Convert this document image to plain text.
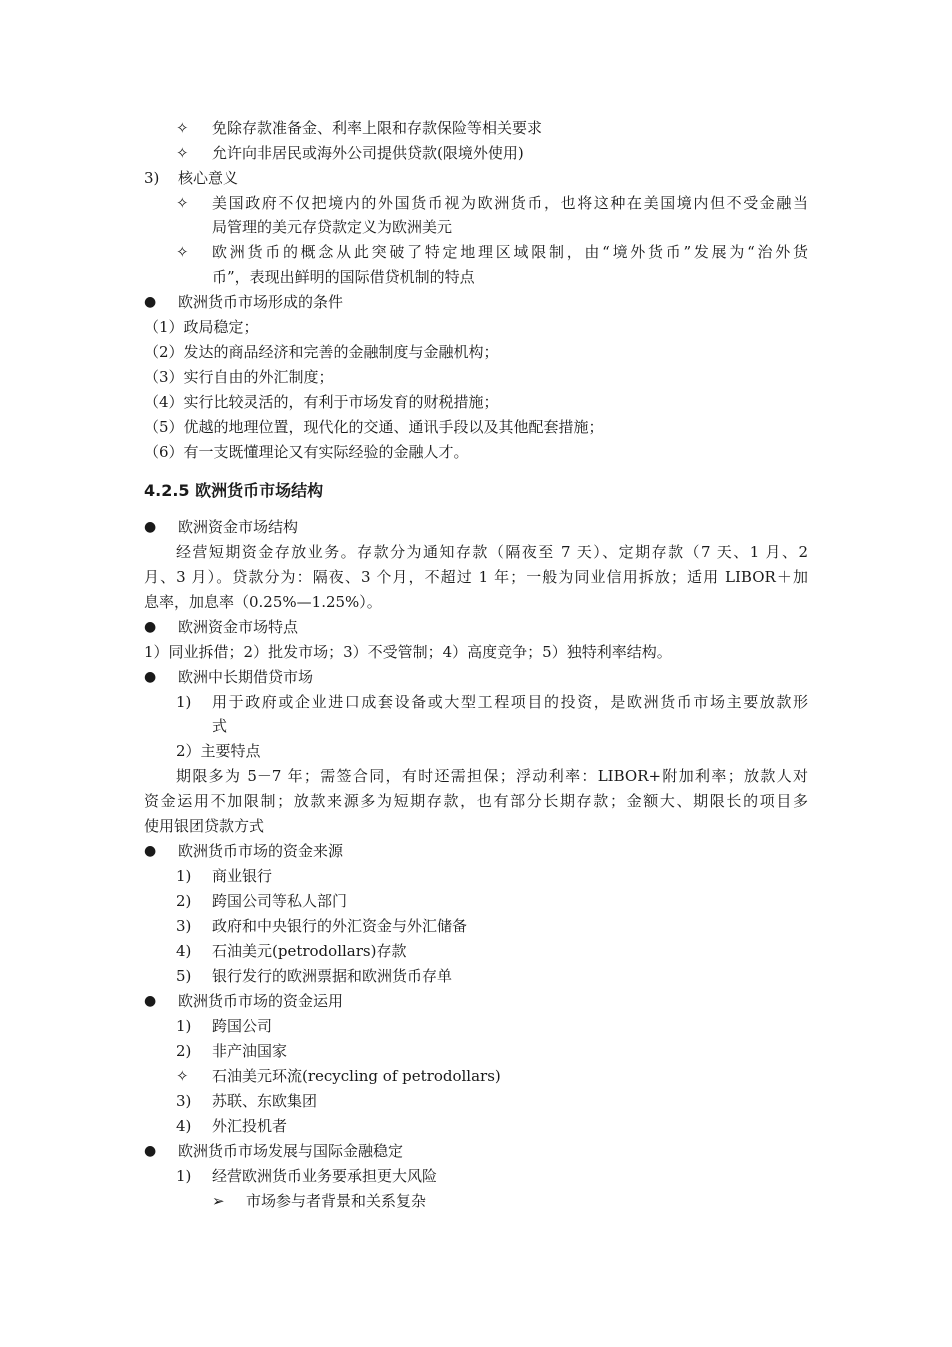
✧ 免除存款准备金、利率上限和存款保险等相关要求
✧ 允许向非居民或海外公司提供贷款(限境外使用)
3) 核心意义
✧ 美国政府不仅把境内的外国货币视为欧洲货币，也将这种在美国境内但不受金融当
局管理的美元存贷款定义为欧洲美元
✧ 欧洲货币的概念从此突破了特定地理区域限制，由“境外货币”发展为“治外货
币”，表现出鲜明的国际借贷机制的特点
● 欧洲货币市场形成的条件
（1）政局稳定；
（2）发达的商品经济和完善的金融制度与金融机构；
（3）实行自由的外汇制度；
（4）实行比较灵活的，有利于市场发育的财税措施；
（5）优越的地理位置，现代化的交通、通讯手段以及其他配套措施；
（6）有一支既懂理论又有实际经验的金融人才。
4.2.5 欧洲货币市场结构
● 欧洲资金市场结构
经营短期资金存放业务。存款分为通知存款（隔夜至 7 天）、定期存款（7 天、1 月、2
月、3 月）。贷款分为：隔夜、3 个月，不超过 1 年；一般为同业信用拆放；适用 LIBOR＋加
息率，加息率（0.25%—1.25%）。
● 欧洲资金市场特点
1）同业拆借；2）批发市场；3）不受管制；4）高度竞争；5）独特利率结构。
● 欧洲中长期借贷市场
1) 用于政府或企业进口成套设备或大型工程项目的投资，是欧洲货币市场主要放款形
式
2）主要特点
期限多为 5－7 年；需签合同，有时还需担保；浮动利率：LIBOR+附加利率；放款人对
资金运用不加限制；放款来源多为短期存款，也有部分长期存款；金额大、期限长的项目多
使用银团贷款方式
● 欧洲货币市场的资金来源
1) 商业银行
2) 跨国公司等私人部门
3) 政府和中央银行的外汇资金与外汇储备
4) 石油美元(petrodollars)存款
5) 银行发行的欧洲票据和欧洲货币存单
● 欧洲货币市场的资金运用
1) 跨国公司
2) 非产油国家
✧ 石油美元环流(recycling of petrodollars)
3) 苏联、东欧集团
4) 外汇投机者
● 欧洲货币市场发展与国际金融稳定
1) 经营欧洲货币业务要承担更大风险
➢ 市场参与者背景和关系复杂
